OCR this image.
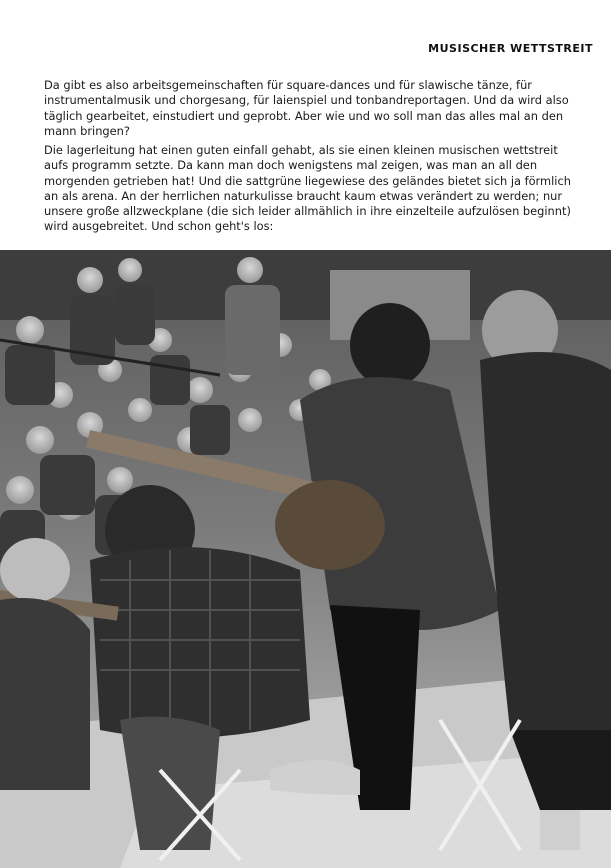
MUSISCHER WETTSTREIT

Da gibt es also arbeitsgemeinschaften für square-dances und für slawische tänze, für instrumentalmusik und chorgesang, für laienspiel und tonbandreportagen. Und da wird also täglich gearbeitet, einstudiert und geprobt. Aber wie und wo soll man das alles mal an den mann bringen?

Die lagerleitung hat einen guten einfall gehabt, als sie einen kleinen musischen wettstreit aufs programm setzte. Da kann man doch wenigstens mal zeigen, was man an all den morgenden getrieben hat! Und die sattgrüne liegewiese des geländes bietet sich ja förmlich an als arena. An der herrlichen naturkulisse braucht kaum etwas verändert zu werden; nur unsere große allzweckplane (die sich leider allmählich in ihre einzelteile aufzulösen beginnt) wird ausgebreitet. Und schon geht's los:
